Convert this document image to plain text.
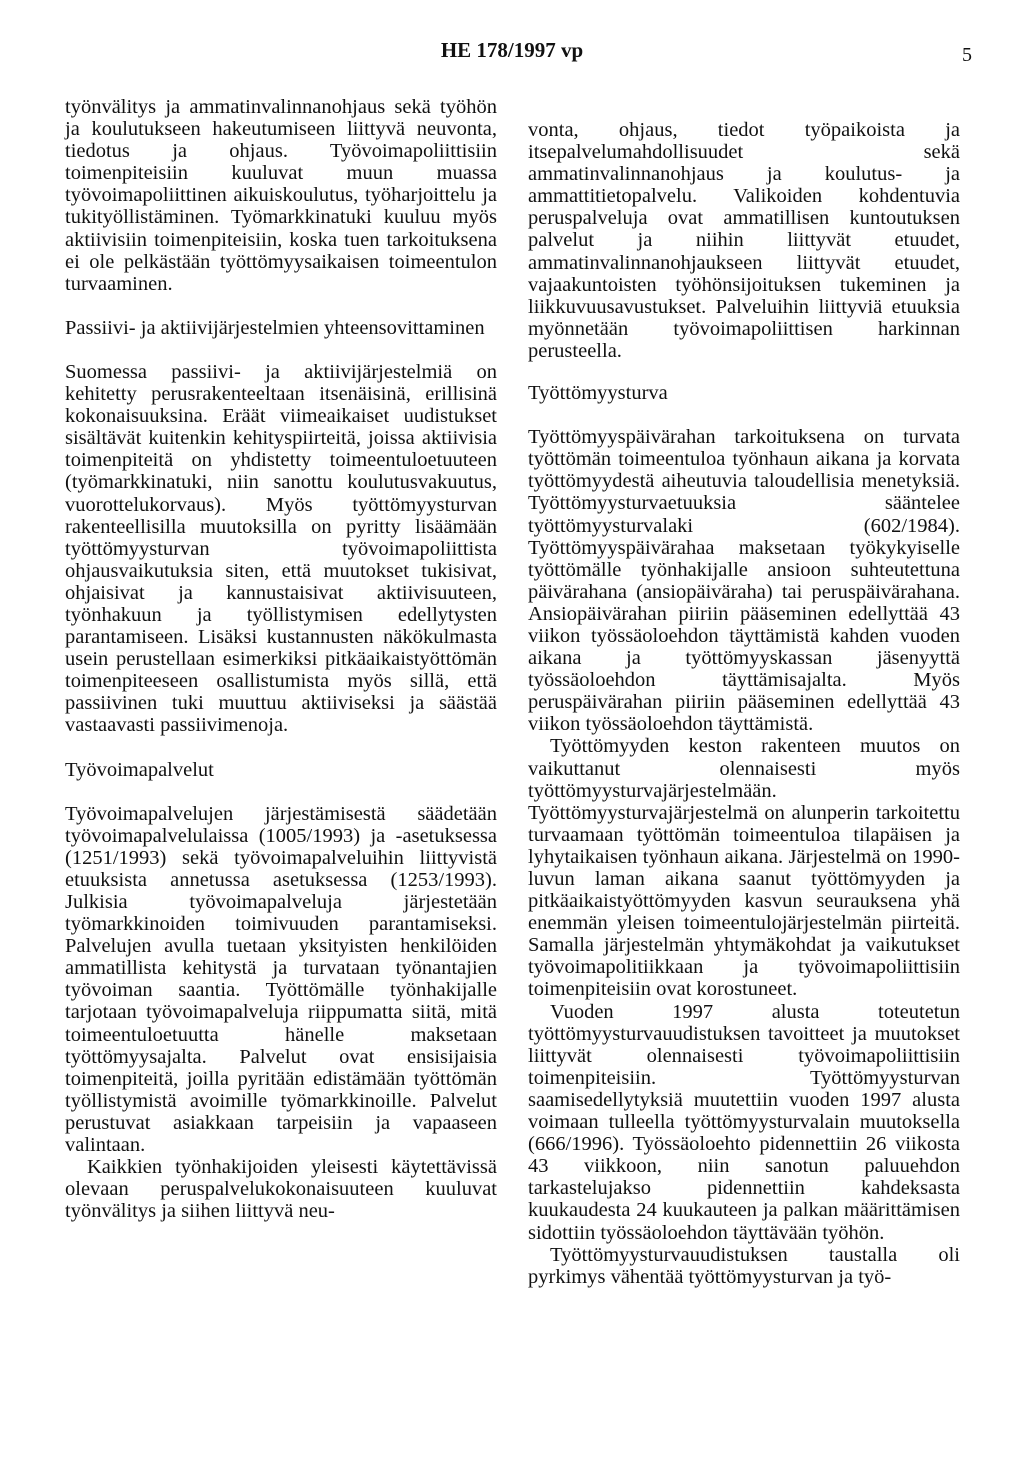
HE 178/1997 vp	5

työnvälitys ja ammatinvalinnanohjaus sekä työhön ja koulutukseen hakeutumiseen liittyvä neuvonta, tiedotus ja ohjaus. Työvoimapoliittisiin toimenpiteisiin kuuluvat muun muassa työvoimapoliittinen aikuiskoulutus, työharjoittelu ja tukityöllistäminen. Työmarkkinatuki kuuluu myös aktiivisiin toimenpiteisiin, koska tuen tarkoituksena ei ole pelkästään työttömyysaikaisen toimeentulon turvaaminen.

Passiivi- ja aktiivijärjestelmien yhteensovittaminen

Suomessa passiivi- ja aktiivijärjestelmiä on kehitetty perusrakenteeltaan itsenäisinä, erillisinä kokonaisuuksina. Eräät viimeaikaiset uudistukset sisältävät kuitenkin kehityspiirteitä, joissa aktiivisia toimenpiteitä on yhdistetty toimeentuloetuuteen (työmarkkinatuki, niin sanottu koulutusvakuutus, vuorottelukorvaus). Myös työttömyysturvan rakenteellisilla muutoksilla on pyritty lisäämään työttömyysturvan työvoimapoliittista ohjausvaikutuksia siten, että muutokset tukisivat, ohjaisivat ja kannustaisivat aktiivisuuteen, työnhakuun ja työllistymisen edellytysten parantamiseen. Lisäksi kustannusten näkökulmasta usein perustellaan esimerkiksi pitkäaikaistyöttömän toimenpiteeseen osallistumista myös sillä, että passiivinen tuki muuttuu aktiiviseksi ja säästää vastaavasti passiivimenoja.

Työvoimapalvelut

Työvoimapalvelujen järjestämisestä säädetään työvoimapalvelulaissa (1005/1993) ja -asetuksessa (1251/1993) sekä työvoimapalveluihin liittyvistä etuuksista annetussa asetuksessa (1253/1993). Julkisia työvoimapalveluja järjestetään työmarkkinoiden toimivuuden parantamiseksi. Palvelujen avulla tuetaan yksityisten henkilöiden ammatillista kehitystä ja turvataan työnantajien työvoiman saantia. Työttömälle työnhakijalle tarjotaan työvoimapalveluja riippumatta siitä, mitä toimeentuloetuutta hänelle maksetaan työttömyysajalta. Palvelut ovat ensisijaisia toimenpiteitä, joilla pyritään edistämään työttömän työllistymistä avoimille työmarkkinoille. Palvelut perustuvat asiakkaan tarpeisiin ja vapaaseen valintaan.

Kaikkien työnhakijoiden yleisesti käytettävissä olevaan peruspalvelukokonaisuuteen kuuluvat työnvälitys ja siihen liittyvä neu-

vonta, ohjaus, tiedot työpaikoista ja itsepalvelumahdollisuudet sekä ammatinvalinnanohjaus ja koulutus- ja ammattitietopalvelu. Valikoiden kohdentuvia peruspalveluja ovat ammatillisen kuntoutuksen palvelut ja niihin liittyvät etuudet, ammatinvalinnanohjaukseen liittyvät etuudet, vajaakuntoisten työhönsijoituksen tukeminen ja liikkuvuusavustukset. Palveluihin liittyviä etuuksia myönnetään työvoimapoliittisen harkinnan perusteella.

Työttömyysturva

Työttömyyspäivärahan tarkoituksena on turvata työttömän toimeentuloa työnhaun aikana ja korvata työttömyydestä aiheutuvia taloudellisia menetyksiä. Työttömyysturvaetuuksia sääntelee työttömyysturvalaki (602/1984). Työttömyyspäivärahaa maksetaan työkykyiselle työttömälle työnhakijalle ansioon suhteutettuna päivärahana (ansiopäiväraha) tai peruspäivärahana. Ansiopäivärahan piiriin pääseminen edellyttää 43 viikon työssäoloehdon täyttämistä kahden vuoden aikana ja työttömyyskassan jäsenyyttä työssäoloehdon täyttämisajalta. Myös peruspäivärahan piiriin pääseminen edellyttää 43 viikon työssäoloehdon täyttämistä.

Työttömyyden keston rakenteen muutos on vaikuttanut olennaisesti myös työttömyysturvajärjestelmään. Työttömyysturvajärjestelmä on alunperin tarkoitettu turvaamaan työttömän toimeentuloa tilapäisen ja lyhytaikaisen työnhaun aikana. Järjestelmä on 1990-luvun laman aikana saanut työttömyyden ja pitkäaikaistyöttömyyden kasvun seurauksena yhä enemmän yleisen toimeentulojärjestelmän piirteitä. Samalla järjestelmän yhtymäkohdat ja vaikutukset työvoimapolitiikkaan ja työvoimapoliittisiin toimenpiteisiin ovat korostuneet.

Vuoden 1997 alusta toteutetun työttömyysturvauudistuksen tavoitteet ja muutokset liittyvät olennaisesti työvoimapoliittisiin toimenpiteisiin. Työttömyysturvan saamisedellytyksiä muutettiin vuoden 1997 alusta voimaan tulleella työttömyysturvalain muutoksella (666/1996). Työssäoloehto pidennettiin 26 viikosta 43 viikkoon, niin sanotun paluuehdon tarkastelujakso pidennettiin kahdeksasta kuukaudesta 24 kuukauteen ja palkan määrittämisen sidottiin työssäoloehdon täyttävään työhön.

Työttömyysturvauudistuksen taustalla oli pyrkimys vähentää työttömyysturvan ja työ-
